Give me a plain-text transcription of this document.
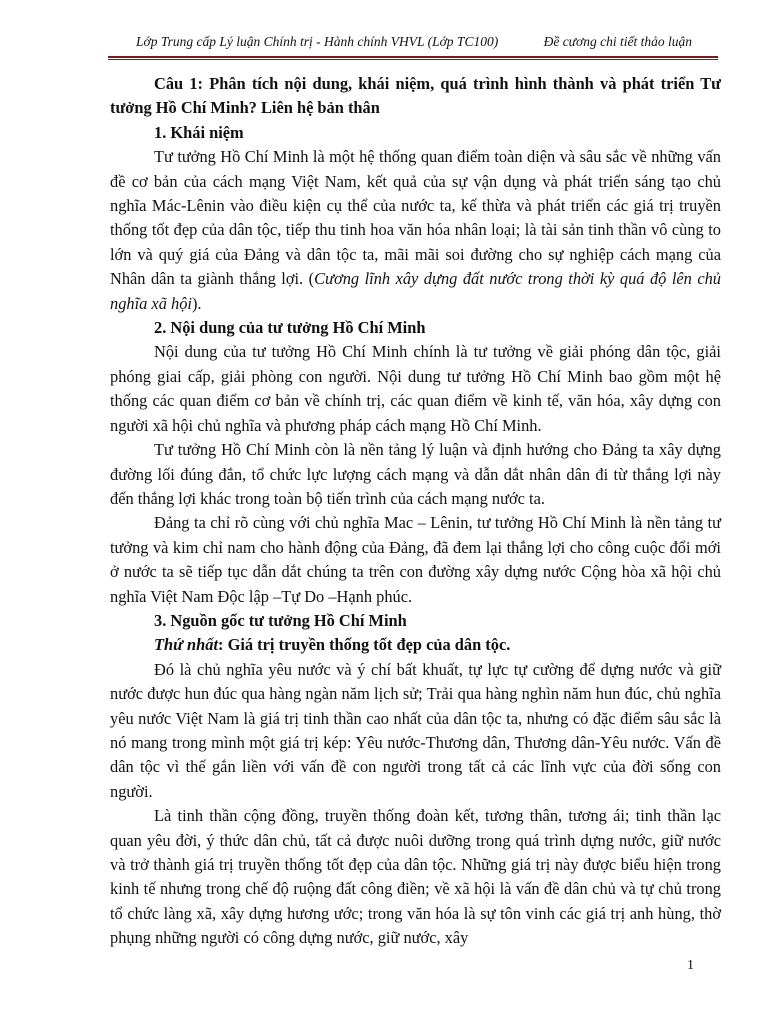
Lớp Trung cấp Lý luận Chính trị - Hành chính VHVL (Lớp TC100)	Đề cương chi tiết thảo luận

Câu 1: Phân tích nội dung, khái niệm, quá trình hình thành và phát triển Tư tưởng Hồ Chí Minh? Liên hệ bản thân

1. Khái niệm

Tư tưởng Hồ Chí Minh là một hệ thống quan điểm toàn diện và sâu sắc về những vấn đề cơ bản của cách mạng Việt Nam, kết quả của sự vận dụng và phát triển sáng tạo chủ nghĩa Mác-Lênin vào điều kiện cụ thể của nước ta, kế thừa và phát triển các giá trị truyền thống tốt đẹp của dân tộc, tiếp thu tinh hoa văn hóa nhân loại; là tài sản tinh thần vô cùng to lớn và quý giá của Đảng và dân tộc ta, mãi mãi soi đường cho sự nghiệp cách mạng của Nhân dân ta giành thắng lợi. (Cương lĩnh xây dựng đất nước trong thời kỳ quá độ lên chủ nghĩa xã hội).

2. Nội dung của tư tưởng Hồ Chí Minh

Nội dung của tư tưởng Hồ Chí Minh chính là tư tưởng về giải phóng dân tộc, giải phóng giai cấp, giải phòng con người. Nội dung tư tưởng Hồ Chí Minh bao gồm một hệ thống các quan điểm cơ bản về chính trị, các quan điểm về kinh tế, văn hóa, xây dựng con người xã hội chủ nghĩa và phương pháp cách mạng Hồ Chí Minh.

Tư tưởng Hồ Chí Minh còn là nền tảng lý luận và định hướng cho Đảng ta xây dựng đường lối đúng đắn, tổ chức lực lượng cách mạng và dẫn dắt nhân dân đi từ thắng lợi này đến thắng lợi khác trong toàn bộ tiến trình của cách mạng nước ta.

Đảng ta chỉ rõ cùng với chủ nghĩa Mac – Lênin, tư tưởng Hồ Chí Minh là nền tảng tư tưởng và kim chỉ nam cho hành động của Đảng, đã đem lại thắng lợi cho công cuộc đổi mới ở nước ta sẽ tiếp tục dẫn dắt chúng ta trên con đường xây dựng nước Cộng hòa xã hội chủ nghĩa Việt Nam Độc lập –Tự Do –Hạnh phúc.

3. Nguồn gốc tư tưởng Hồ Chí Minh

Thứ nhất: Giá trị truyền thống tốt đẹp của dân tộc.

Đó là chủ nghĩa yêu nước và ý chí bất khuất, tự lực tự cường để dựng nước và giữ nước được hun đúc qua hàng ngàn năm lịch sử; Trải qua hàng nghìn năm hun đúc, chủ nghĩa yêu nước Việt Nam là giá trị tinh thần cao nhất của dân tộc ta, nhưng có đặc điểm sâu sắc là nó mang trong mình một giá trị kép: Yêu nước-Thương dân, Thương dân-Yêu nước. Vấn đề dân tộc vì thế gắn liền với vấn đề con người trong tất cả các lĩnh vực của đời sống con người.

Là tinh thần cộng đồng, truyền thống đoàn kết, tương thân, tương ái; tinh thần lạc quan yêu đời, ý thức dân chủ, tất cả được nuôi dưỡng trong quá trình dựng nước, giữ nước và trở thành giá trị truyền thống tốt đẹp của dân tộc. Những giá trị này được biểu hiện trong kinh tế nhưng trong chế độ ruộng đất công điền; về xã hội là vấn đề dân chủ và tự chủ trong tổ chức làng xã, xây dựng hương ước; trong văn hóa là sự tôn vinh các giá trị anh hùng, thờ phụng những người có công dựng nước, giữ nước, xây

1
